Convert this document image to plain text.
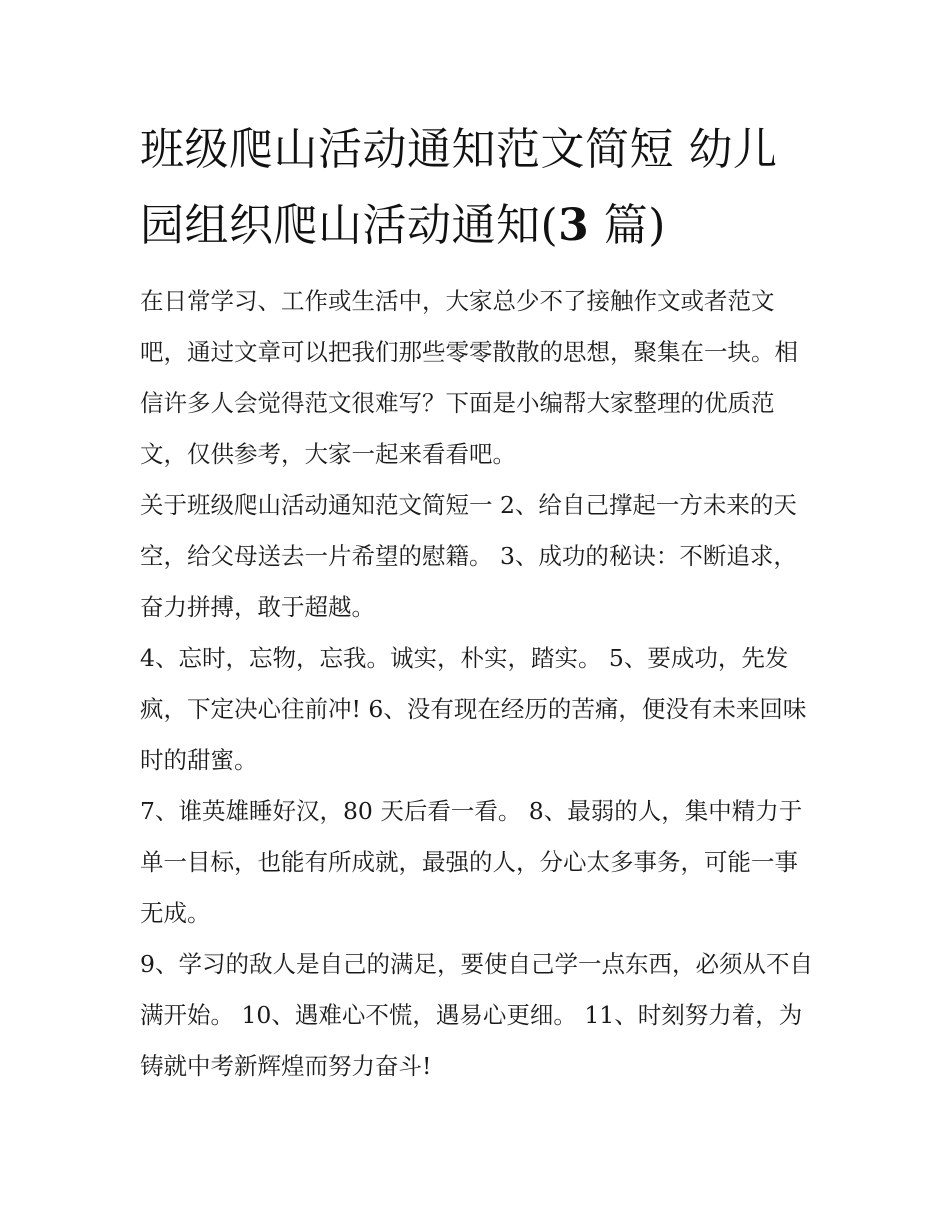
班级爬山活动通知范文简短 幼儿园组织爬山活动通知(3 篇)

在日常学习、工作或生活中，大家总少不了接触作文或者范文吧，通过文章可以把我们那些零零散散的思想，聚集在一块。相信许多人会觉得范文很难写？下面是小编帮大家整理的优质范文，仅供参考，大家一起来看看吧。

关于班级爬山活动通知范文简短一 2、给自己撑起一方未来的天空，给父母送去一片希望的慰籍。 3、成功的秘诀：不断追求，奋力拼搏，敢于超越。

4、忘时，忘物，忘我。诚实，朴实，踏实。 5、要成功，先发疯，下定决心往前冲! 6、没有现在经历的苦痛，便没有未来回味时的甜蜜。

7、谁英雄睡好汉，80 天后看一看。 8、最弱的人，集中精力于单一目标，也能有所成就，最强的人，分心太多事务，可能一事无成。

9、学习的敌人是自己的满足，要使自己学一点东西，必须从不自满开始。 10、遇难心不慌，遇易心更细。 11、时刻努力着，为铸就中考新辉煌而努力奋斗!
